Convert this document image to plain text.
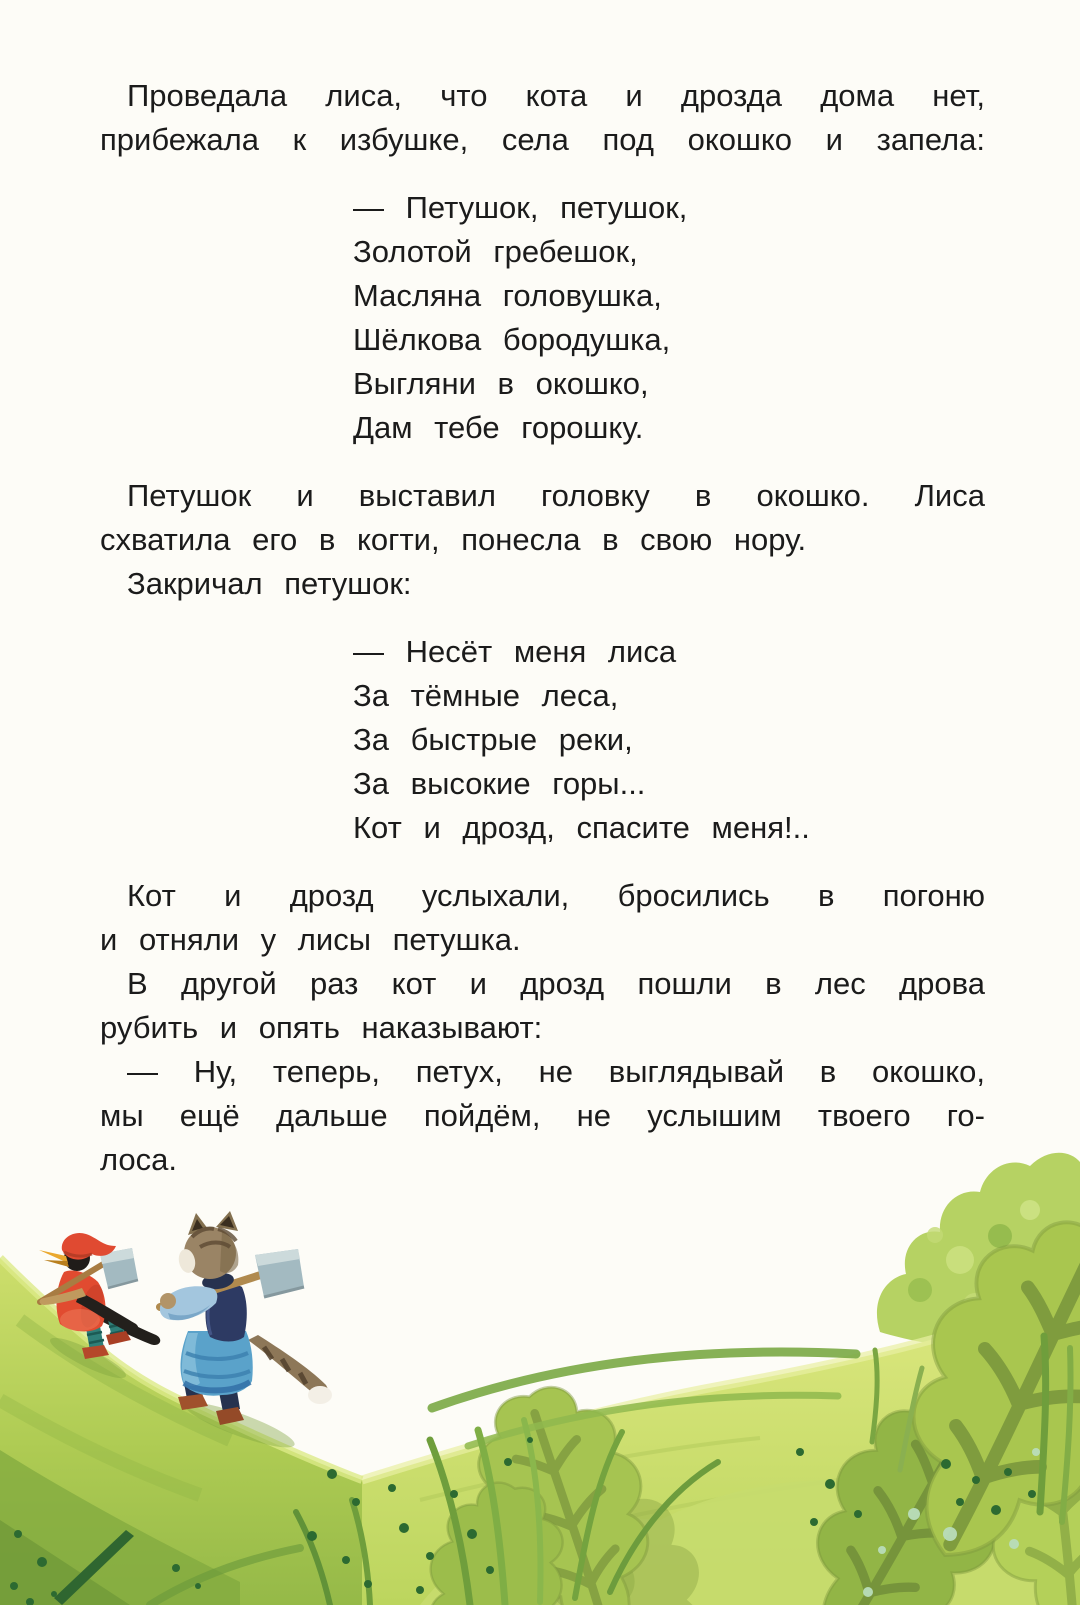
Проведала лиса, что кота и дрозда дома нет,
прибежала к избушке, села под окошко и запела:
— Петушок, петушок,
Золотой гребешок,
Масляна головушка,
Шёлкова бородушка,
Выгляни в окошко,
Дам тебе горошку.
Петушок и выставил головку в окошко. Лиса
схватила его в когти, понесла в свою нору.
Закричал петушок:
— Несёт меня лиса
За тёмные леса,
За быстрые реки,
За высокие горы...
Кот и дрозд, спасите меня!..
Кот и дрозд услыхали, бросились в погоню
и отняли у лисы петушка.
В другой раз кот и дрозд пошли в лес дрова
рубить и опять наказывают:
— Ну, теперь, петух, не выглядывай в окошко,
мы ещё дальше пойдём, не услышим твоего го-
лоса.
